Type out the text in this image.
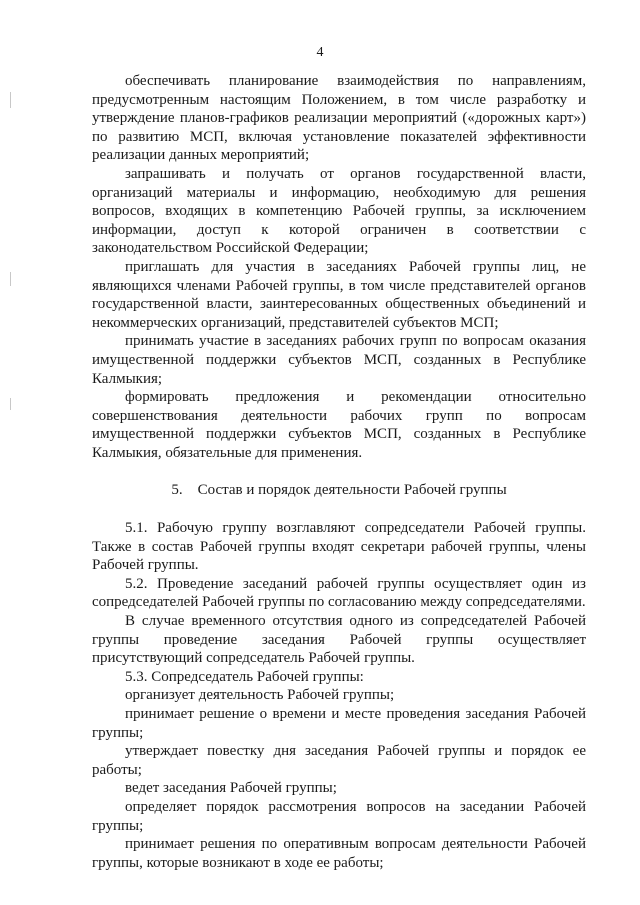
4

обеспечивать планирование взаимодействия по направлениям, предусмотренным настоящим Положением, в том числе разработку и утверждение планов-графиков реализации мероприятий («дорожных карт») по развитию МСП, включая установление показателей эффективности реализации данных мероприятий;

запрашивать и получать от органов государственной власти, организаций материалы и информацию, необходимую для решения вопросов, входящих в компетенцию Рабочей группы, за исключением информации, доступ к которой ограничен в соответствии с законодательством Российской Федерации;

приглашать для участия в заседаниях Рабочей группы лиц, не являющихся членами Рабочей группы, в том числе представителей органов государственной власти, заинтересованных общественных объединений и некоммерческих организаций, представителей субъектов МСП;

принимать участие в заседаниях рабочих групп по вопросам оказания имущественной поддержки субъектов МСП, созданных в Республике Калмыкия;

формировать предложения и рекомендации относительно совершенствования деятельности рабочих групп по вопросам имущественной поддержки субъектов МСП, созданных в Республике Калмыкия, обязательные для применения.

5.    Состав и порядок деятельности Рабочей группы

5.1. Рабочую группу возглавляют сопредседатели Рабочей группы. Также в состав Рабочей группы входят секретари рабочей группы, члены Рабочей группы.

5.2. Проведение заседаний рабочей группы осуществляет один из сопредседателей Рабочей группы по согласованию между сопредседателями.

В случае временного отсутствия одного из сопредседателей Рабочей группы проведение заседания Рабочей группы осуществляет присутствующий сопредседатель Рабочей группы.

5.3. Сопредседатель Рабочей группы:

организует деятельность Рабочей группы;

принимает решение о времени и месте проведения заседания Рабочей группы;

утверждает повестку дня заседания Рабочей группы и порядок ее работы;

ведет заседания Рабочей группы;

определяет порядок рассмотрения вопросов на заседании Рабочей группы;

принимает решения по оперативным вопросам деятельности Рабочей группы, которые возникают в ходе ее работы;
